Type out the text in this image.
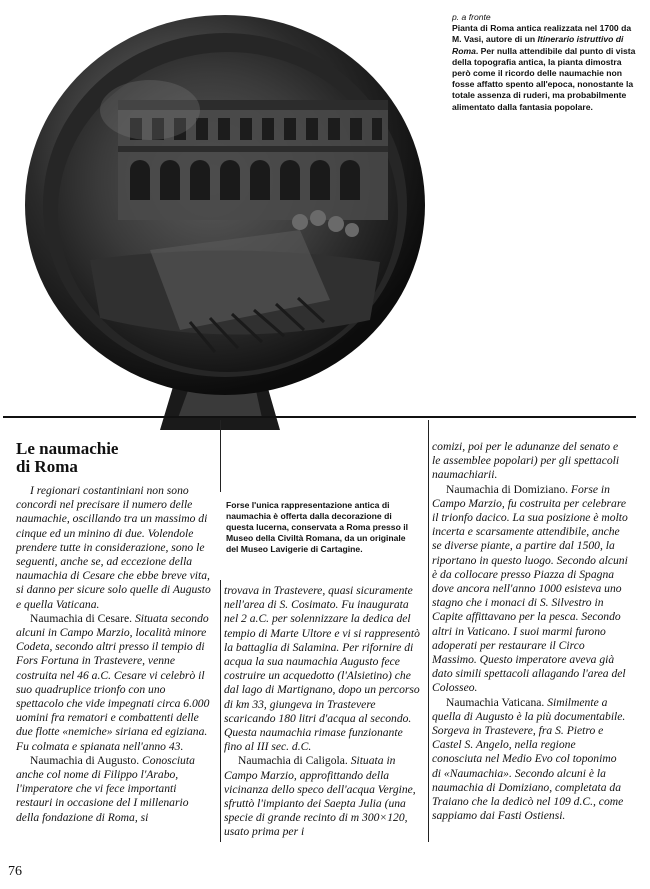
p. a fronte
Pianta di Roma antica realizzata nel 1700 da M. Vasi, autore di un Itinerario istruttivo di Roma. Per nulla attendibile dal punto di vista della topografia antica, la pianta dimostra però come il ricordo delle naumachie non fosse affatto spento all'epoca, nonostante la totale assenza di ruderi, ma probabilmente alimentato dalla fantasia popolare.
Le naumachie
di Roma

I regionari costantiniani non sono concordi nel precisare il numero delle naumachie, oscillando tra un massimo di cinque ed un minino di due. Volendole prendere tutte in considerazione, sono le seguenti, anche se, ad eccezione della naumachia di Cesare che ebbe breve vita, si danno per sicure solo quelle di Augusto e quella Vaticana.

Naumachia di Cesare. Situata secondo alcuni in Campo Marzio, località minore Codeta, secondo altri presso il tempio di Fors Fortuna in Trastevere, venne costruita nel 46 a.C. Cesare vi celebrò il suo quadruplice trionfo con uno spettacolo che vide impegnati circa 6.000 uomini fra rematori e combattenti delle due flotte «nemiche» siriana ed egiziana. Fu colmata e spianata nell'anno 43.

Naumachia di Augusto. Conosciuta anche col nome di Filippo l'Arabo, l'imperatore che vi fece importanti restauri in occasione del I millenario della fondazione di Roma, si

Forse l'unica rappresentazione antica di naumachia è offerta dalla decorazione di questa lucerna, conservata a Roma presso il Museo della Civiltà Romana, da un originale del Museo Lavigerie di Cartagine.

trovava in Trastevere, quasi sicuramente nell'area di S. Cosimato. Fu inaugurata nel 2 a.C. per solennizzare la dedica del tempio di Marte Ultore e vi si rappresentò la battaglia di Salamina. Per rifornire di acqua la sua naumachia Augusto fece costruire un acquedotto (l'Alsietino) che dal lago di Martignano, dopo un percorso di km 33, giungeva in Trastevere scaricando 180 litri d'acqua al secondo. Questa naumachia rimase funzionante fino al III sec. d.C.

Naumachia di Caligola. Situata in Campo Marzio, approfittando della vicinanza dello speco dell'acqua Vergine, sfruttò l'impianto dei Saepta Julia (una specie di grande recinto di m 300×120, usato prima per i

comizi, poi per le adunanze del senato e le assemblee popolari) per gli spettacoli naumachiarii.

Naumachia di Domiziano. Forse in Campo Marzio, fu costruita per celebrare il trionfo dacico. La sua posizione è molto incerta e scarsamente attendibile, anche se diverse piante, a partire dal 1500, la riportano in questo luogo. Secondo alcuni è da collocare presso Piazza di Spagna dove ancora nell'anno 1000 esisteva uno stagno che i monaci di S. Silvestro in Capite affittavano per la pesca. Secondo altri in Vaticano. I suoi marmi furono adoperati per restaurare il Circo Massimo. Questo imperatore aveva già dato simili spettacoli allagando l'area del Colosseo.

Naumachia Vaticana. Similmente a quella di Augusto è la più documentabile. Sorgeva in Trastevere, fra S. Pietro e Castel S. Angelo, nella regione conosciuta nel Medio Evo col toponimo di «Naumachia». Secondo alcuni è la naumachia di Domiziano, completata da Traiano che la dedicò nel 109 d.C., come sappiamo dai Fasti Ostiensi.

76
